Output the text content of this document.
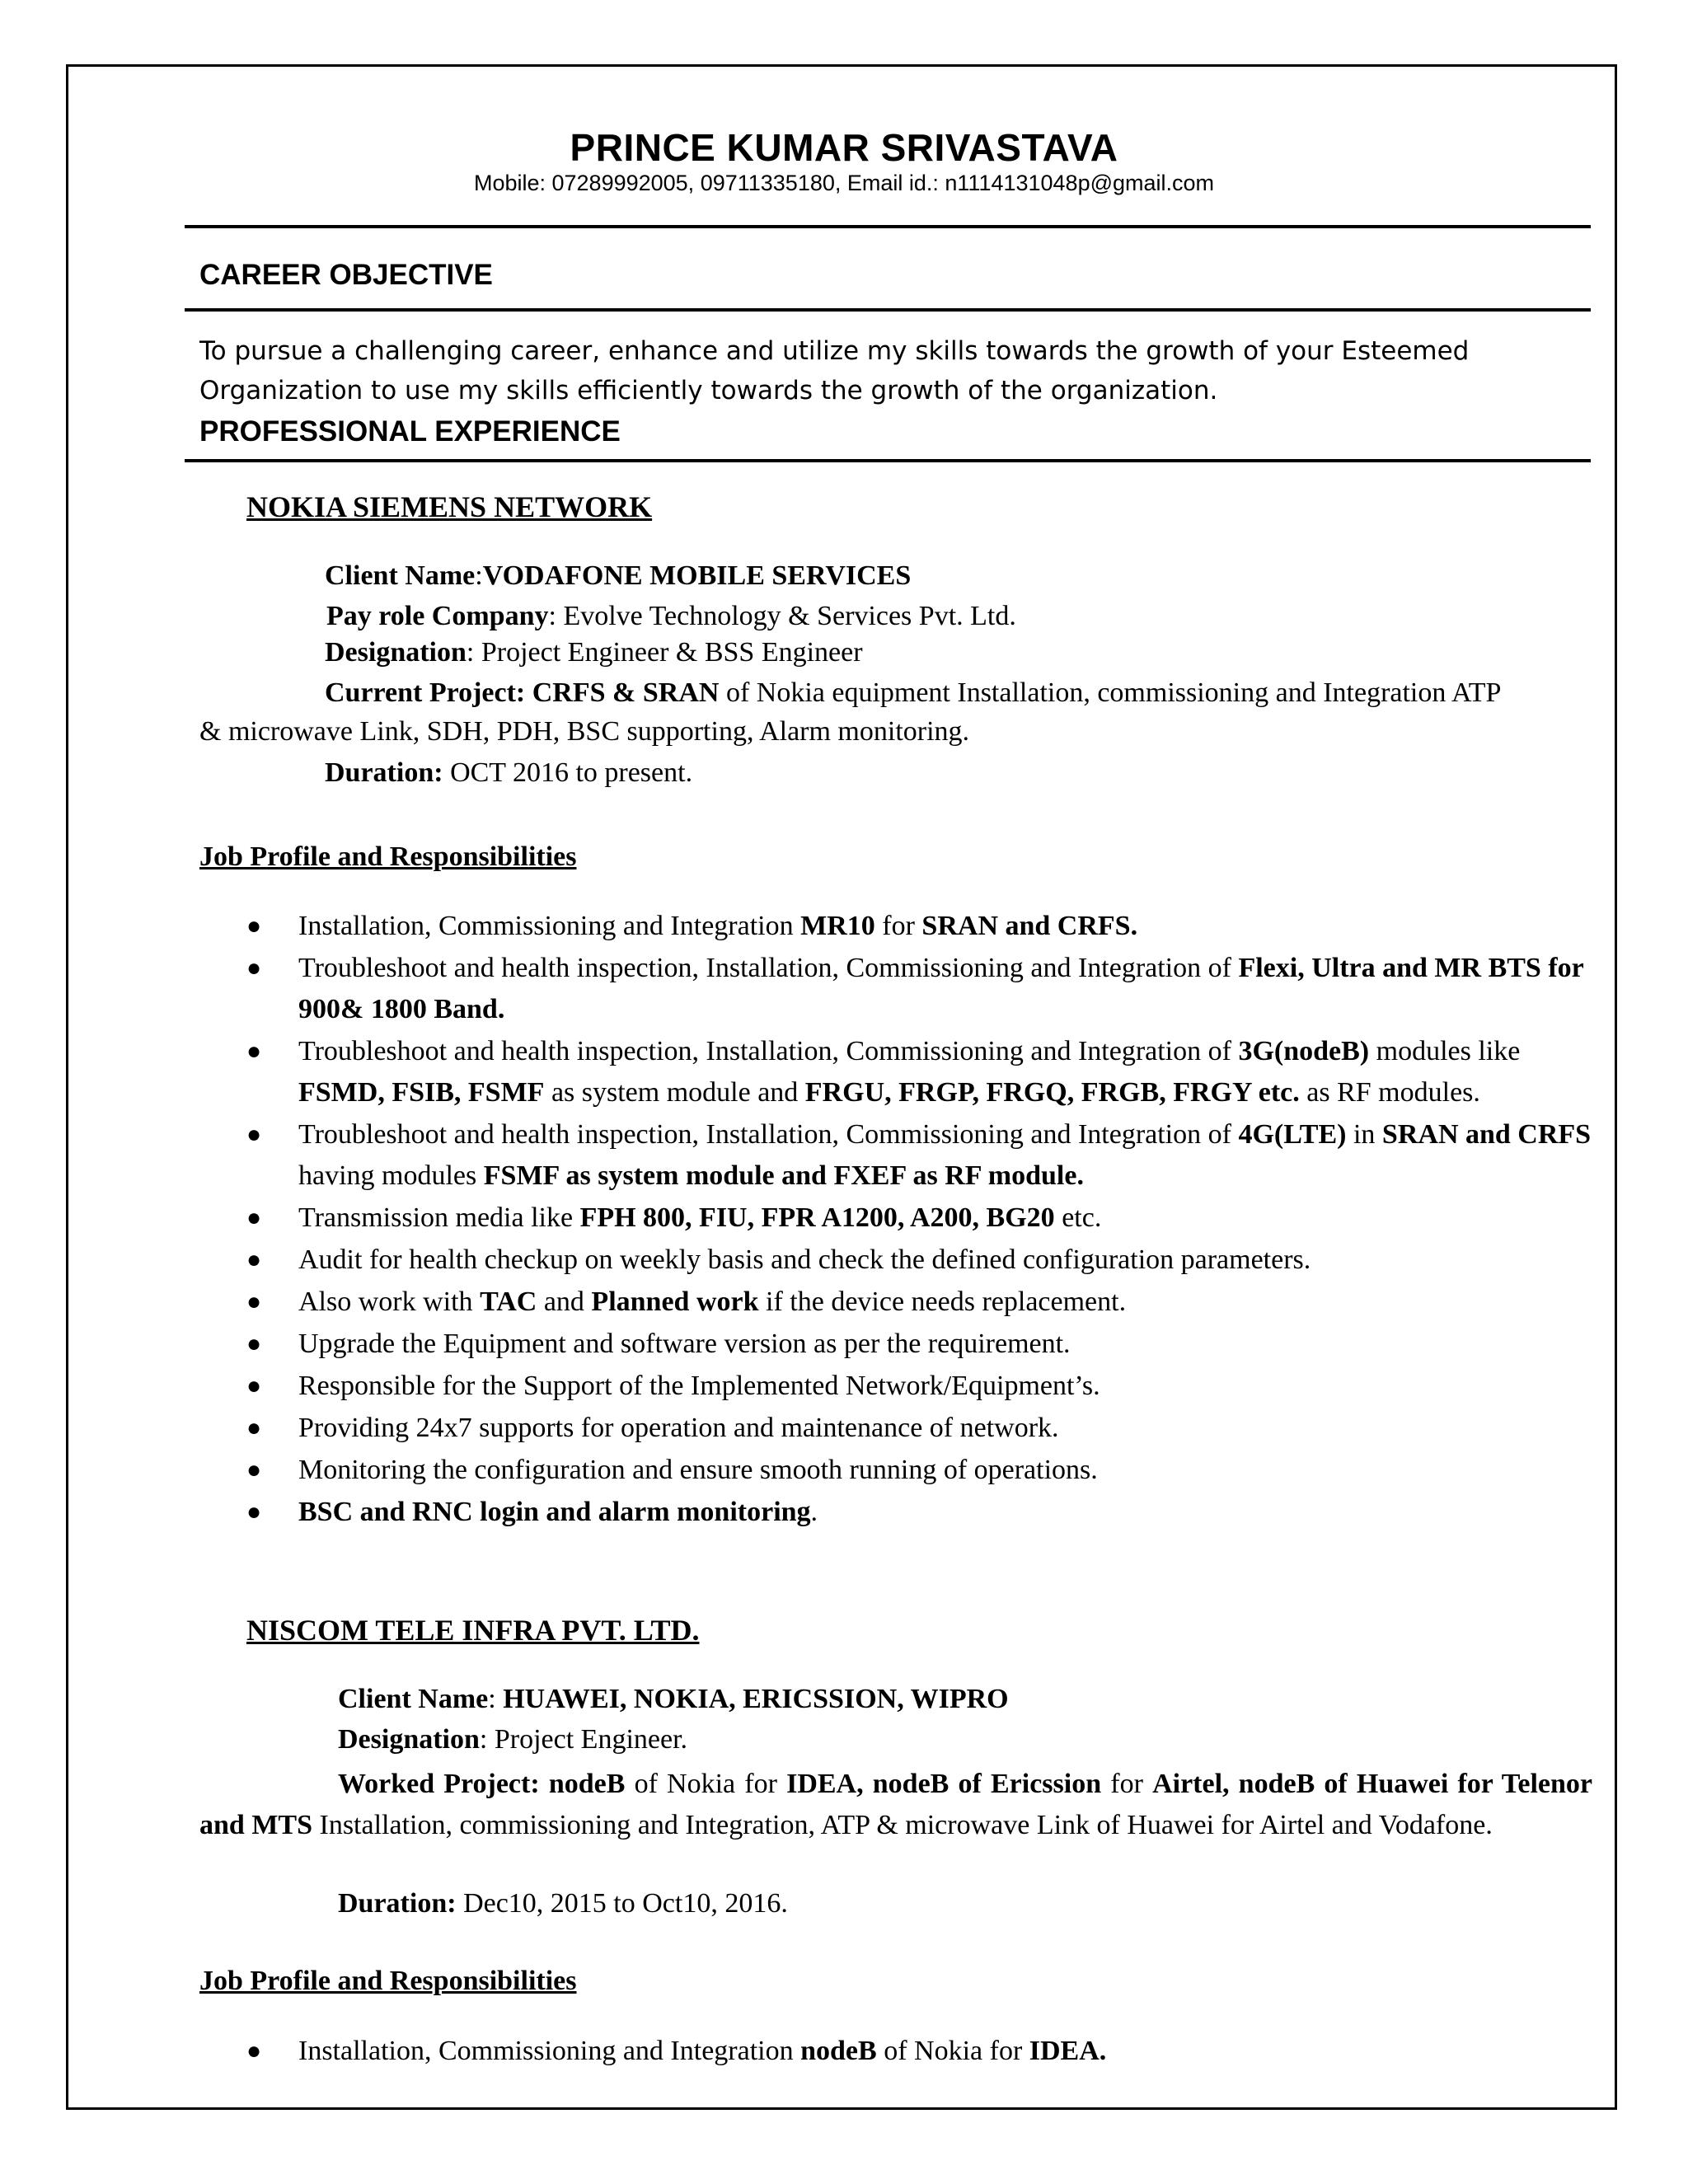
PRINCE KUMAR SRIVASTAVA
Mobile: 07289992005, 09711335180, Email id.: n1114131048p@gmail.com
CAREER OBJECTIVE
To pursue a challenging career, enhance and utilize my skills towards the growth of your Esteemed Organization to use my skills efficiently towards the growth of the organization.
PROFESSIONAL EXPERIENCE
NOKIA SIEMENS NETWORK
Client Name:VODAFONE MOBILE SERVICES
Pay role Company: Evolve Technology & Services Pvt. Ltd.
Designation: Project Engineer & BSS Engineer
Current Project: CRFS & SRAN of Nokia equipment Installation, commissioning and Integration ATP
& microwave Link, SDH, PDH, BSC supporting, Alarm monitoring.
Duration: OCT 2016 to present.
Job Profile and Responsibilities
● Installation, Commissioning and Integration MR10 for SRAN and CRFS.
● Troubleshoot and health inspection, Installation, Commissioning and Integration of Flexi, Ultra and MR BTS for 900& 1800 Band.
● Troubleshoot and health inspection, Installation, Commissioning and Integration of 3G(nodeB) modules like FSMD, FSIB, FSMF as system module and FRGU, FRGP, FRGQ, FRGB, FRGY etc. as RF modules.
● Troubleshoot and health inspection, Installation, Commissioning and Integration of 4G(LTE) in SRAN and CRFS having modules FSMF as system module and FXEF as RF module.
● Transmission media like FPH 800, FIU, FPR A1200, A200, BG20 etc.
● Audit for health checkup on weekly basis and check the defined configuration parameters.
● Also work with TAC and Planned work if the device needs replacement.
● Upgrade the Equipment and software version as per the requirement.
● Responsible for the Support of the Implemented Network/Equipment’s.
● Providing 24x7 supports for operation and maintenance of network.
● Monitoring the configuration and ensure smooth running of operations.
● BSC and RNC login and alarm monitoring.
NISCOM TELE INFRA PVT. LTD.
Client Name: HUAWEI, NOKIA, ERICSSION, WIPRO
Designation: Project Engineer.
Worked Project: nodeB of Nokia for IDEA, nodeB of Ericssion for Airtel, nodeB of Huawei for Telenor and MTS Installation, commissioning and Integration, ATP & microwave Link of Huawei for Airtel and Vodafone.
Duration: Dec10, 2015 to Oct10, 2016.
Job Profile and Responsibilities
● Installation, Commissioning and Integration nodeB of Nokia for IDEA.
